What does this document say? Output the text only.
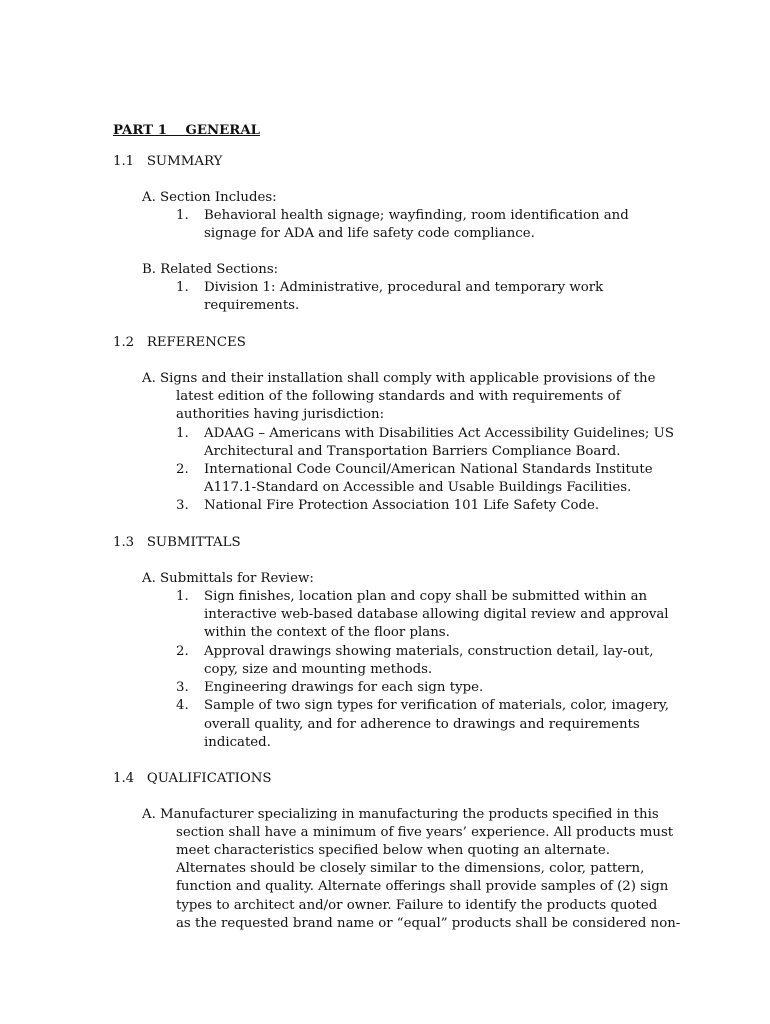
PART 1 GENERAL
1.1   SUMMARY
A. Section Includes:
1. Behavioral health signage; wayfinding, room identification and
signage for ADA and life safety code compliance.
B. Related Sections:
1. Division 1: Administrative, procedural and temporary work
requirements.
1.2   REFERENCES
A. Signs and their installation shall comply with applicable provisions of the
latest edition of the following standards and with requirements of
authorities having jurisdiction:
1. ADAAG – Americans with Disabilities Act Accessibility Guidelines; US
Architectural and Transportation Barriers Compliance Board.
2. International Code Council/American National Standards Institute
A117.1-Standard on Accessible and Usable Buildings Facilities.
3. National Fire Protection Association 101 Life Safety Code.
1.3   SUBMITTALS
A. Submittals for Review:
1. Sign finishes, location plan and copy shall be submitted within an
interactive web-based database allowing digital review and approval
within the context of the floor plans.
2. Approval drawings showing materials, construction detail, lay-out,
copy, size and mounting methods.
3. Engineering drawings for each sign type.
4. Sample of two sign types for verification of materials, color, imagery,
overall quality, and for adherence to drawings and requirements
indicated.
1.4   QUALIFICATIONS
A. Manufacturer specializing in manufacturing the products specified in this
section shall have a minimum of five years’ experience. All products must
meet characteristics specified below when quoting an alternate.
Alternates should be closely similar to the dimensions, color, pattern,
function and quality. Alternate offerings shall provide samples of (2) sign
types to architect and/or owner. Failure to identify the products quoted
as the requested brand name or “equal” products shall be considered non-
